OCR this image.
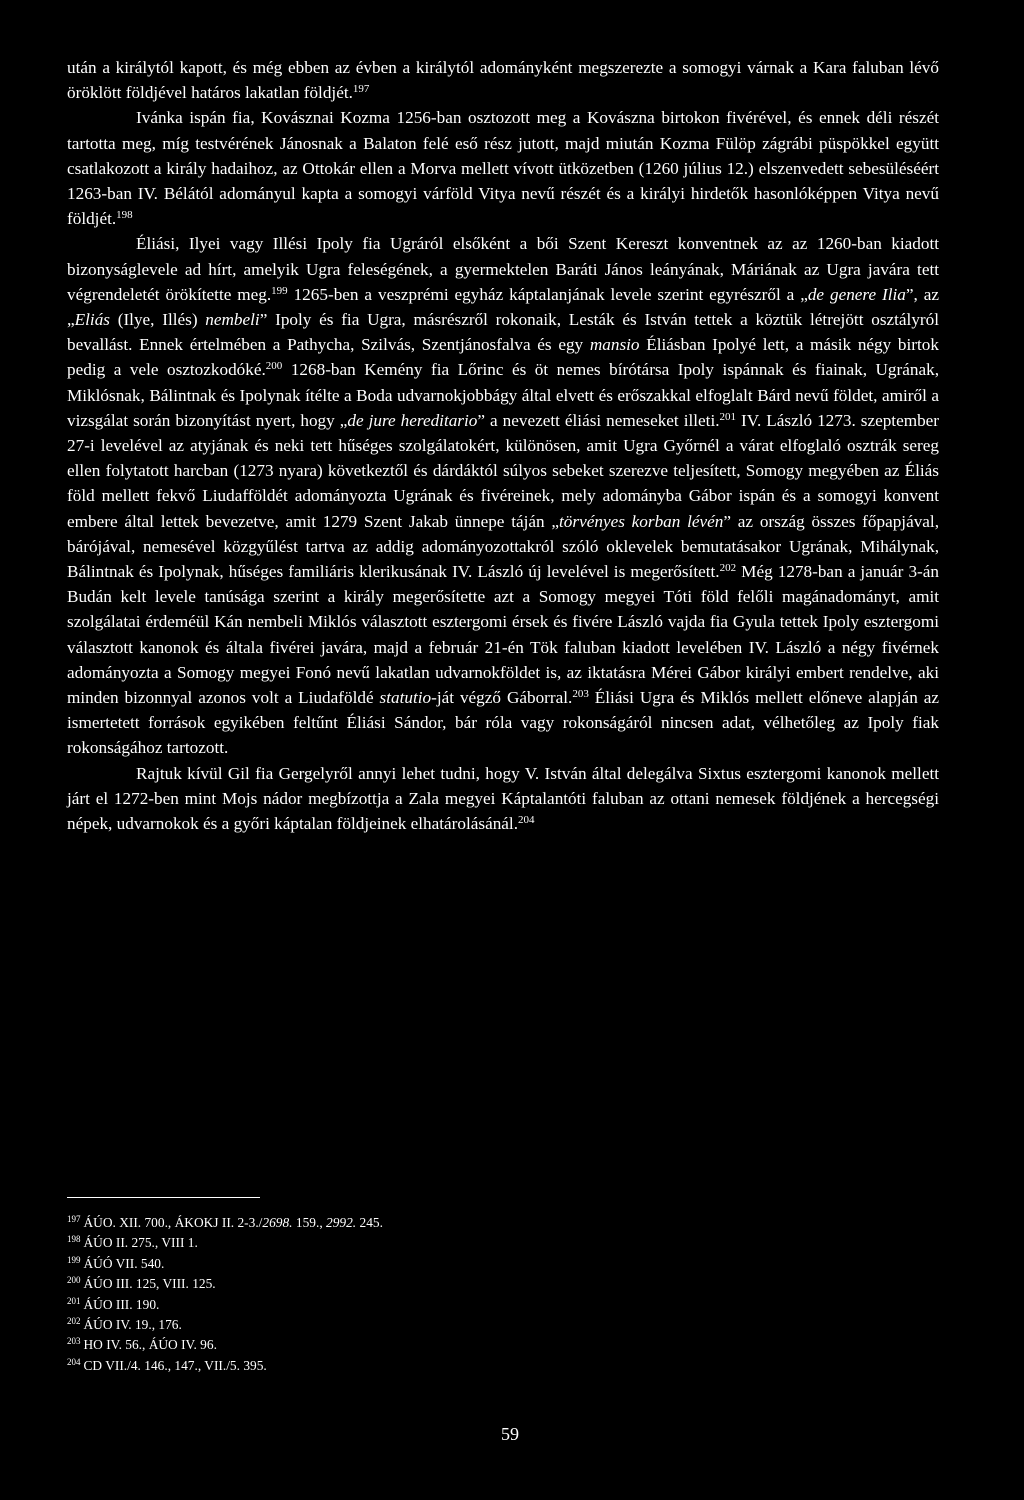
után a királytól kapott, és még ebben az évben a királytól adományként megszerezte a somogyi várnak a Kara faluban lévő öröklött földjével határos lakatlan földjét.$^{197}$

Ivánka ispán fia, Kovásznai Kozma 1256-ban osztozott meg a Kovászna birtokon fivérével, és ennek déli részét tartotta meg, míg testvérének Jánosnak a Balaton felé eső rész jutott, majd miután Kozma Fülöp zágrábi püspökkel együtt csatlakozott a király hadaihoz, az Ottokár ellen a Morva mellett vívott ütközetben (1260 július 12.) elszenvedett sebesüléséért 1263-ban IV. Bélától adományul kapta a somogyi várföld Vitya nevű részét és a királyi hirdetők hasonlóképpen Vitya nevű földjét.$^{198}$

Éliási, Ilyei vagy Illési Ipoly fia Ugráról elsőként a bői Szent Kereszt konventnek az az 1260-ban kiadott bizonyságlevele ad hírt, amelyik Ugra feleségének, a gyermektelen Baráti János leányának, Máriának az Ugra javára tett végrendeletét örökítette meg.$^{199}$ 1265-ben a veszprémi egyház káptalanjának levele szerint egyrészről a „de genere Ilia”, az „Eliás (Ilye, Illés) nembeli” Ipoly és fia Ugra, másrészről rokonaik, Lesták és István tettek a köztük létrejött osztályról bevallást. Ennek értelmében a Pathycha, Szilvás, Szentjánosfalva és egy mansio Éliásban Ipolyé lett, a másik négy birtok pedig a vele osztozkodóké.$^{200}$ 1268-ban Kemény fia Lőrinc és öt nemes bírótársa Ipoly ispánnak és fiainak, Ugrának, Miklósnak, Bálintnak és Ipolynak ítélte a Boda udvarnokjobbágy által elvett és erőszakkal elfoglalt Bárd nevű földet, amiről a vizsgálat során bizonyítást nyert, hogy „de jure hereditario” a nevezett éliási nemeseket illeti.$^{201}$ IV. László 1273. szeptember 27-i levelével az atyjának és neki tett hűséges szolgálatokért, különösen, amit Ugra Győrnél a várat elfoglaló osztrák sereg ellen folytatott harcban (1273 nyara) következtől és dárdáktól súlyos sebeket szerezve teljesített, Somogy megyében az Éliás föld mellett fekvő Liudafföldét adományozta Ugrának és fivéreinek, mely adományba Gábor ispán és a somogyi konvent embere által lettek bevezetve, amit 1279 Szent Jakab ünnepe táján „törvényes korban lévén” az ország összes főpapjával, bárójával, nemesével közgyűlést tartva az addig adományozottakról szóló oklevelek bemutatásakor Ugrának, Mihálynak, Bálintnak és Ipolynak, hűséges familiáris klerikusának IV. László új levelével is megerősített.$^{202}$ Még 1278-ban a január 3-án Budán kelt levele tanúsága szerint a király megerősítette azt a Somogy megyei Tóti föld felőli magánadományt, amit szolgálatai érdeméül Kán nembeli Miklós választott esztergomi érsek és fivére László vajda fia Gyula tettek Ipoly esztergomi választott kanonok és általa fivérei javára, majd a február 21-én Tök faluban kiadott levelében IV. László a négy fivérnek adományozta a Somogy megyei Fonó nevű lakatlan udvarnokföldet is, az iktatásra Mérei Gábor királyi embert rendelve, aki minden bizonnyal azonos volt a Liudaföldé statutio-ját végző Gáborral.$^{203}$ Éliási Ugra és Miklós mellett előneve alapján az ismertetett források egyikében feltűnt Éliási Sándor, bár róla vagy rokonságáról nincsen adat, vélhetőleg az Ipoly fiak rokonságához tartozott.

Rajtuk kívül Gil fia Gergelyről annyi lehet tudni, hogy V. István által delegálva Sixtus esztergomi kanonok mellett járt el 1272-ben mint Mojs nádor megbízottja a Zala megyei Káptalantóti faluban az ottani nemesek földjének a hercegségi népek, udvarnokok és a győri káptalan földjeinek elhatárolásánál.$^{204}$

$^{197}$ ÁÚO. XII. 700., ÁKOKJ II. 2-3./2698. 159., 2992. 245.
$^{198}$ ÁÚO II. 275., VIII 1.
$^{199}$ ÁÚÓ VII. 540.
$^{200}$ ÁÚO III. 125, VIII. 125.
$^{201}$ ÁÚO III. 190.
$^{202}$ ÁÚO IV. 19., 176.
$^{203}$ HO IV. 56., ÁÚO IV. 96.
$^{204}$ CD VII./4. 146., 147., VII./5. 395.
59
